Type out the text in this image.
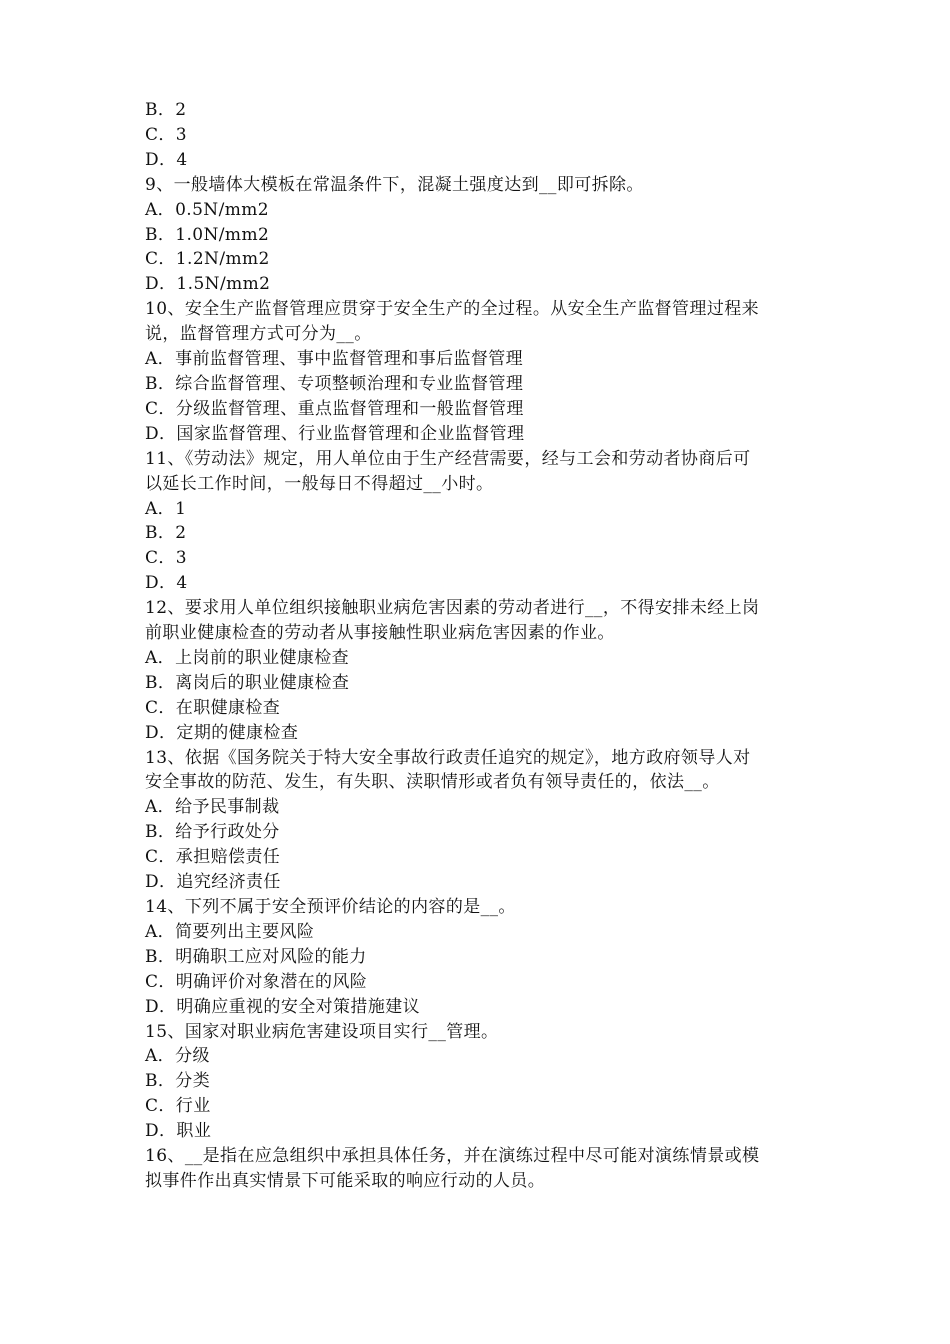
B．2

C．3

D．4

9、一般墙体大模板在常温条件下，混凝土强度达到__即可拆除。

A．0.5N/mm2

B．1.0N/mm2

C．1.2N/mm2

D．1.5N/mm2

10、安全生产监督管理应贯穿于安全生产的全过程。从安全生产监督管理过程来

说，监督管理方式可分为__。

A．事前监督管理、事中监督管理和事后监督管理

B．综合监督管理、专项整顿治理和专业监督管理

C．分级监督管理、重点监督管理和一般监督管理

D．国家监督管理、行业监督管理和企业监督管理

11、《劳动法》规定，用人单位由于生产经营需要，经与工会和劳动者协商后可

以延长工作时间，一般每日不得超过__小时。

A．1

B．2

C．3

D．4

12、要求用人单位组织接触职业病危害因素的劳动者进行__，不得安排未经上岗

前职业健康检查的劳动者从事接触性职业病危害因素的作业。

A．上岗前的职业健康检查

B．离岗后的职业健康检查

C．在职健康检查

D．定期的健康检查

13、依据《国务院关于特大安全事故行政责任追究的规定》，地方政府领导人对

安全事故的防范、发生，有失职、渎职情形或者负有领导责任的，依法__。

A．给予民事制裁

B．给予行政处分

C．承担赔偿责任

D．追究经济责任

14、下列不属于安全预评价结论的内容的是__。

A．简要列出主要风险

B．明确职工应对风险的能力

C．明确评价对象潜在的风险

D．明确应重视的安全对策措施建议

15、国家对职业病危害建设项目实行__管理。

A．分级

B．分类

C．行业

D．职业

16、__是指在应急组织中承担具体任务，并在演练过程中尽可能对演练情景或模

拟事件作出真实情景下可能采取的响应行动的人员。
